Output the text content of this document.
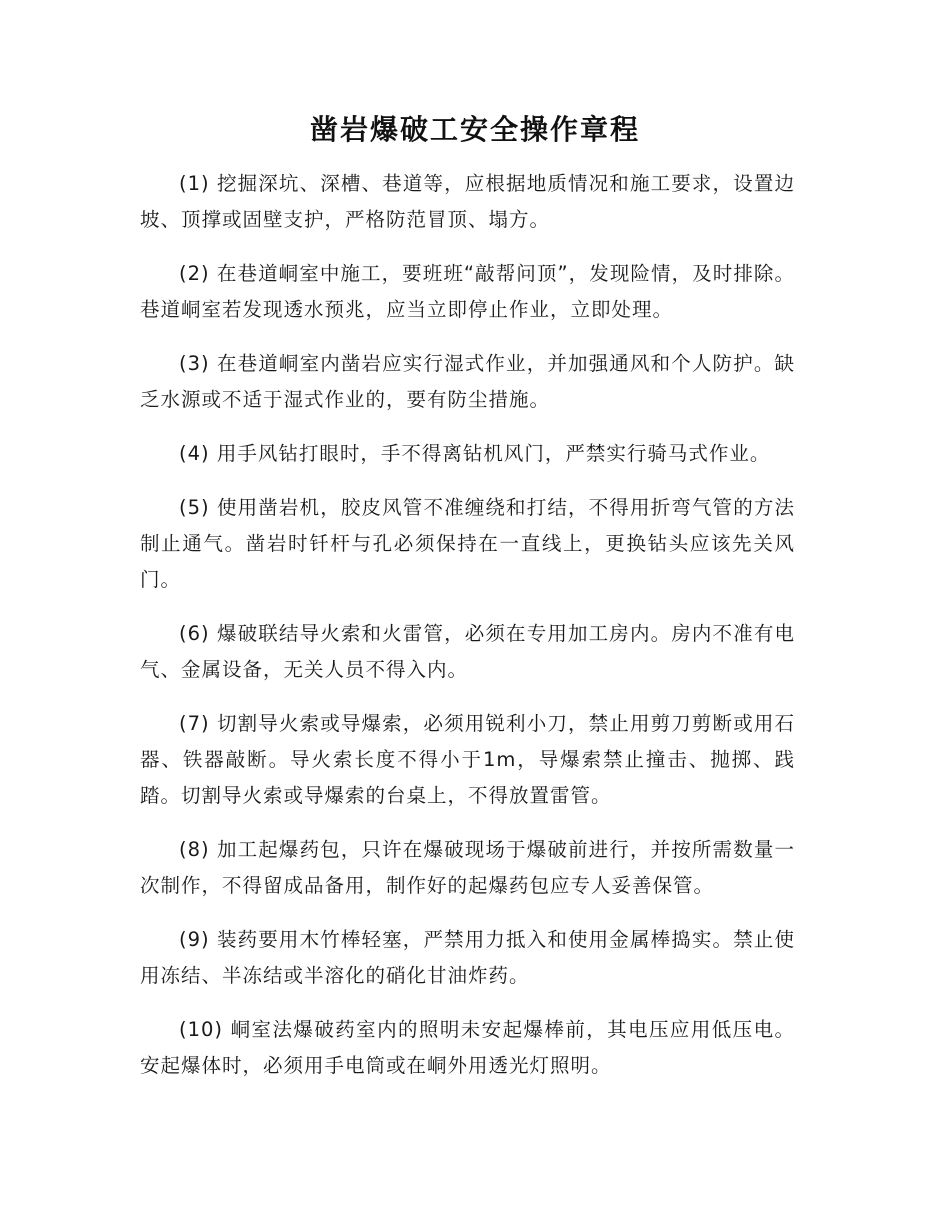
凿岩爆破工安全操作章程

(1) 挖掘深坑、深槽、巷道等，应根据地质情况和施工要求，设置边坡、顶撑或固壁支护，严格防范冒顶、塌方。

(2) 在巷道峒室中施工，要班班“敲帮问顶”，发现险情，及时排除。巷道峒室若发现透水预兆，应当立即停止作业，立即处理。

(3) 在巷道峒室内凿岩应实行湿式作业，并加强通风和个人防护。缺乏水源或不适于湿式作业的，要有防尘措施。

(4) 用手风钻打眼时，手不得离钻机风门，严禁实行骑马式作业。

(5) 使用凿岩机，胶皮风管不准缠绕和打结，不得用折弯气管的方法制止通气。凿岩时钎杆与孔必须保持在一直线上，更换钻头应该先关风门。

(6) 爆破联结导火索和火雷管，必须在专用加工房内。房内不准有电气、金属设备，无关人员不得入内。

(7) 切割导火索或导爆索，必须用锐利小刀，禁止用剪刀剪断或用石器、铁器敲断。导火索长度不得小于1m，导爆索禁止撞击、抛掷、践踏。切割导火索或导爆索的台桌上，不得放置雷管。

(8) 加工起爆药包，只许在爆破现场于爆破前进行，并按所需数量一次制作，不得留成品备用，制作好的起爆药包应专人妥善保管。

(9) 装药要用木竹棒轻塞，严禁用力抵入和使用金属棒捣实。禁止使用冻结、半冻结或半溶化的硝化甘油炸药。

(10) 峒室法爆破药室内的照明未安起爆棒前，其电压应用低压电。安起爆体时，必须用手电筒或在峒外用透光灯照明。
